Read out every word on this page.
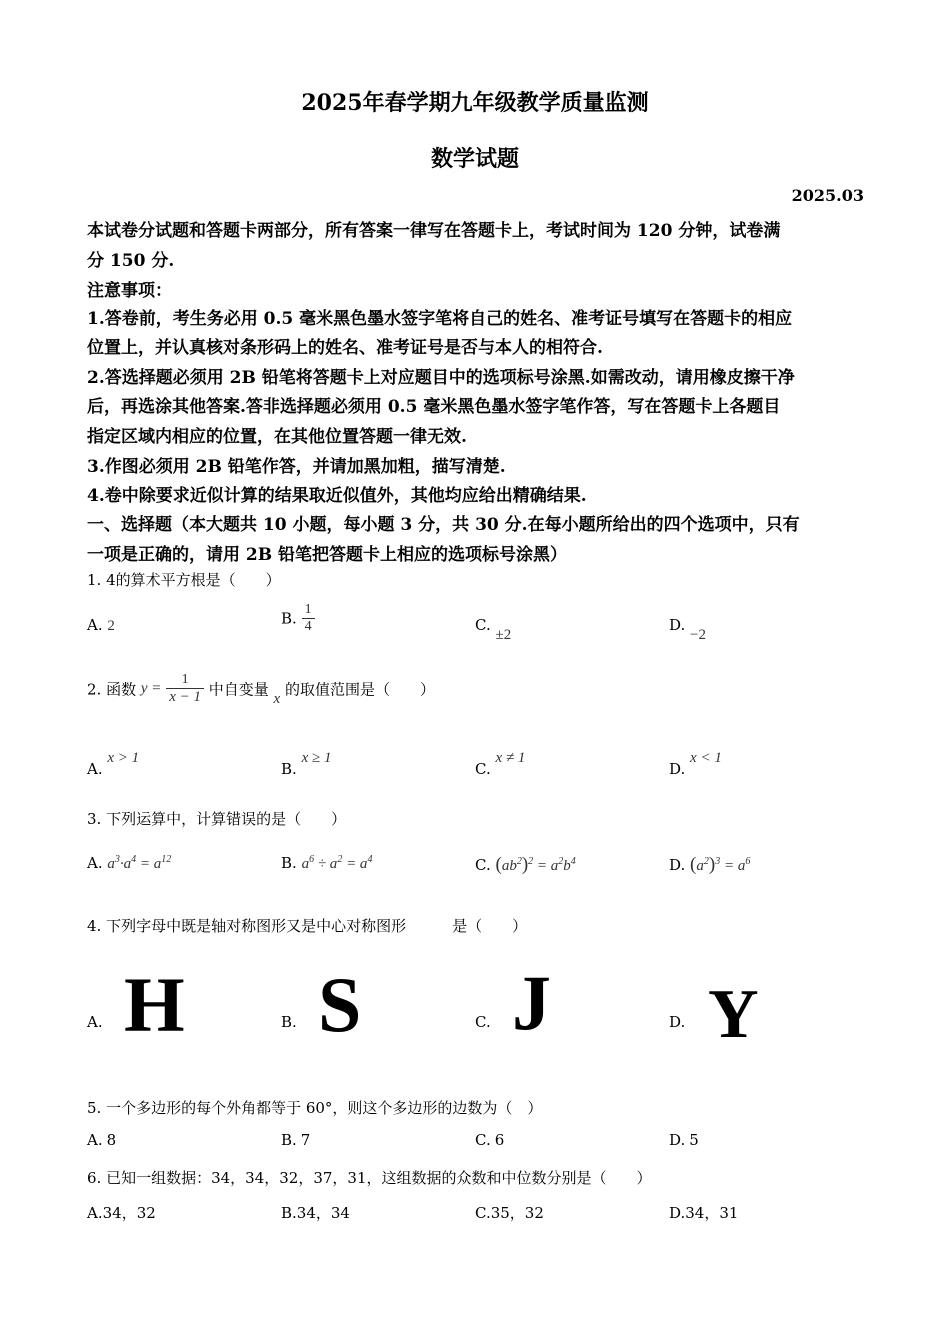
2025年春学期九年级教学质量监测
数学试题
2025.03
本试卷分试题和答题卡两部分，所有答案一律写在答题卡上，考试时间为 120 分钟，试卷满
分 150 分.
注意事项：
1.答卷前，考生务必用 0.5 毫米黑色墨水签字笔将自己的姓名、准考证号填写在答题卡的相应
位置上，并认真核对条形码上的姓名、准考证号是否与本人的相符合.
2.答选择题必须用 2B 铅笔将答题卡上对应题目中的选项标号涂黑.如需改动，请用橡皮擦干净
后，再选涂其他答案.答非选择题必须用 0.5 毫米黑色墨水签字笔作答，写在答题卡上各题目
指定区域内相应的位置，在其他位置答题一律无效.
3.作图必须用 2B 铅笔作答，并请加黑加粗，描写清楚.
4.卷中除要求近似计算的结果取近似值外，其他均应给出精确结果.
一、选择题（本大题共 10 小题，每小题 3 分，共 30 分.在每小题所给出的四个选项中，只有
一项是正确的，请用 2B 铅笔把答题卡上相应的选项标号涂黑）
1. 4的算术平方根是（　　）
A. 2	B. $\frac{1}{4}$	C. ±2
D. −2
2. 函数 $y = \frac{1}{x - 1}$ 中自变量 x 的取值范围是（　　）
A. x > 1
B. x ≥ 1
C. x ≠ 1
D. x < 1
3. 下列运算中，计算错误的是（　　）
A. $a^3\cdot a^4 = a^{12}$	B. $a^6 \div a^2 = a^4$	C. $(ab^2)^2 = a^2b^4$	D. $(a^2)^3 = a^6$
4. 下列字母中既是轴对称图形又是中心对称图形	是（　　）
A. H	B. S	C. J	D. Y
5. 一个多边形的每个外角都等于 60°，则这个多边形的边数为（　）
A. 8	B. 7	C. 6	D. 5
6. 已知一组数据：34，34，32，37，31，这组数据的众数和中位数分别是（　　）
A.34，32	B.34，34	C.35，32	D.34，31
